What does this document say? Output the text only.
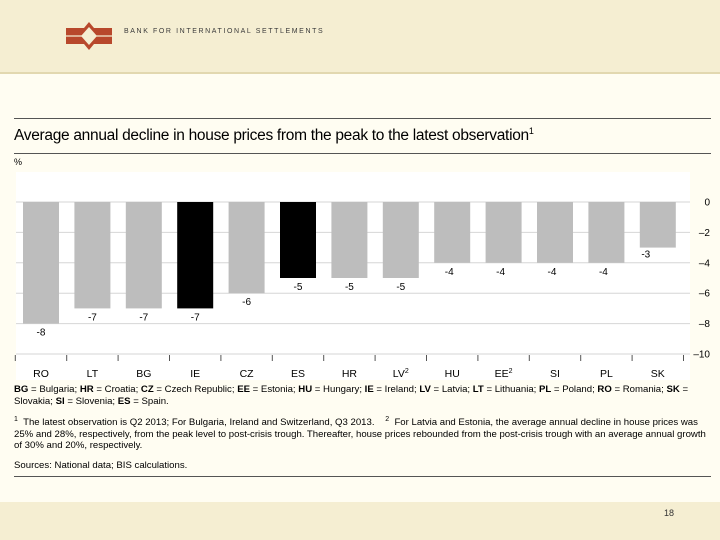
BANK FOR INTERNATIONAL SETTLEMENTS
Average annual decline in house prices from the peak to the latest observation$^1$
0
–2
–4
–6
–8
–10
%
-8
-7	-7	-7
-6
-5	-5	-5
-4	-4	-4	-4
-3
RO	LT	BG	IE	CZ	ES	HR	$LV^2$	HU	$EE^2$	SI	PL	SK
BG = Bulgaria; HR = Croatia; CZ = Czech Republic; EE = Estonia; HU = Hungary; IE = Ireland; LV = Latvia; LT = Lithuania; PL = Poland; RO = Romania; SK = Slovakia; SI = Slovenia; ES = Spain.
$^1$ The latest observation is Q2 2013; For Bulgaria, Ireland and Switzerland, Q3 2013. $^2$ For Latvia and Estonia, the average annual decline in house prices was 25% and 28%, respectively, from the peak level to post-crisis trough. Thereafter, house prices rebounded from the post-crisis trough with an average annual growth of 30% and 20%, respectively.
Sources: National data; BIS calculations.
18
